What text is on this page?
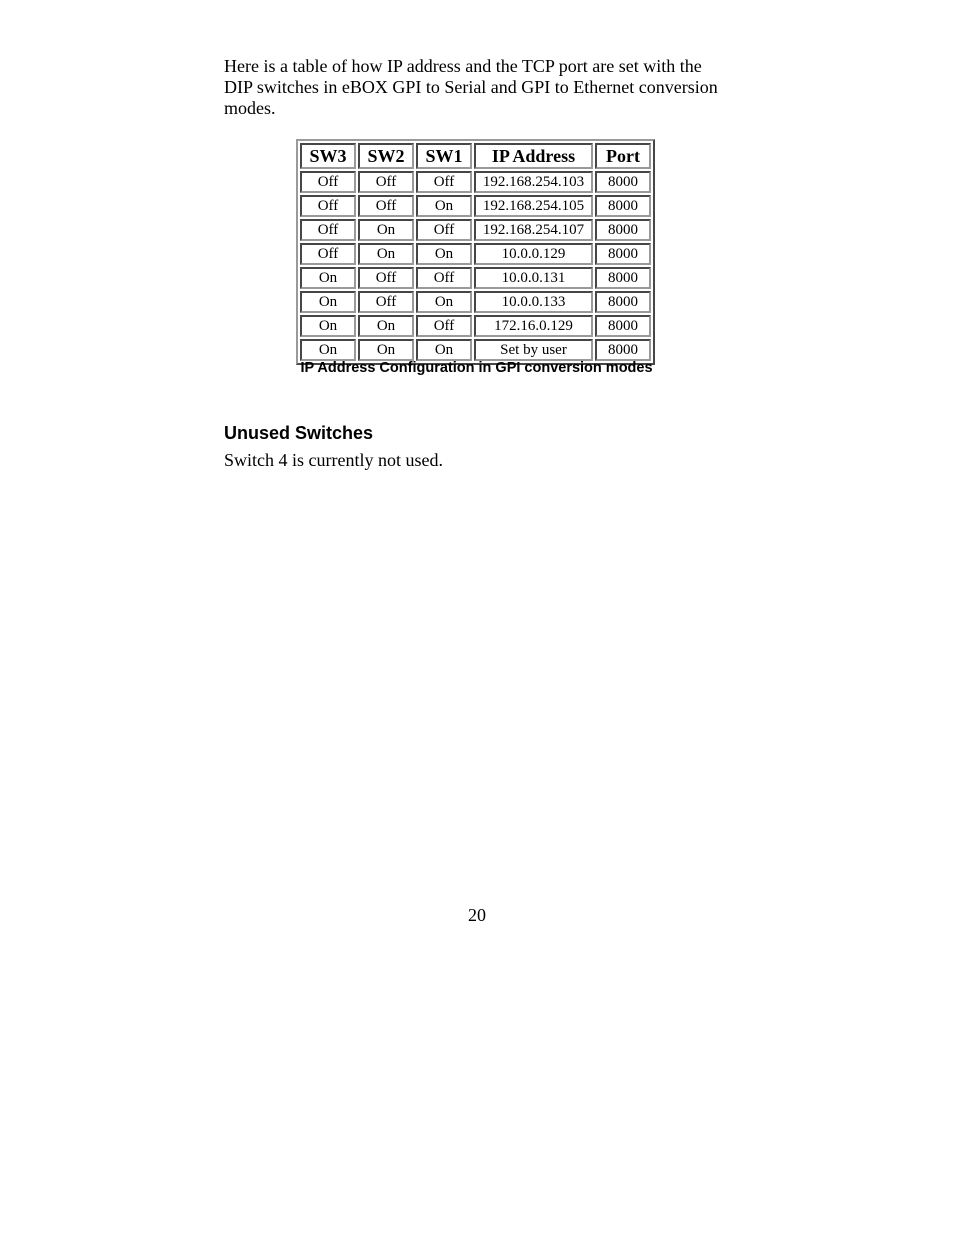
Here is a table of how IP address and the TCP port are set with the DIP switches in eBOX GPI to Serial and GPI to Ethernet conversion modes.

SW3	SW2	SW1	IP Address	Port
Off	Off	Off	192.168.254.103	8000
Off	Off	On	192.168.254.105	8000
Off	On	Off	192.168.254.107	8000
Off	On	On	10.0.0.129	8000
On	Off	Off	10.0.0.131	8000
On	Off	On	10.0.0.133	8000
On	On	Off	172.16.0.129	8000
On	On	On	Set by user	8000

IP Address Configuration in GPI conversion modes

Unused Switches

Switch 4 is currently not used.

20
